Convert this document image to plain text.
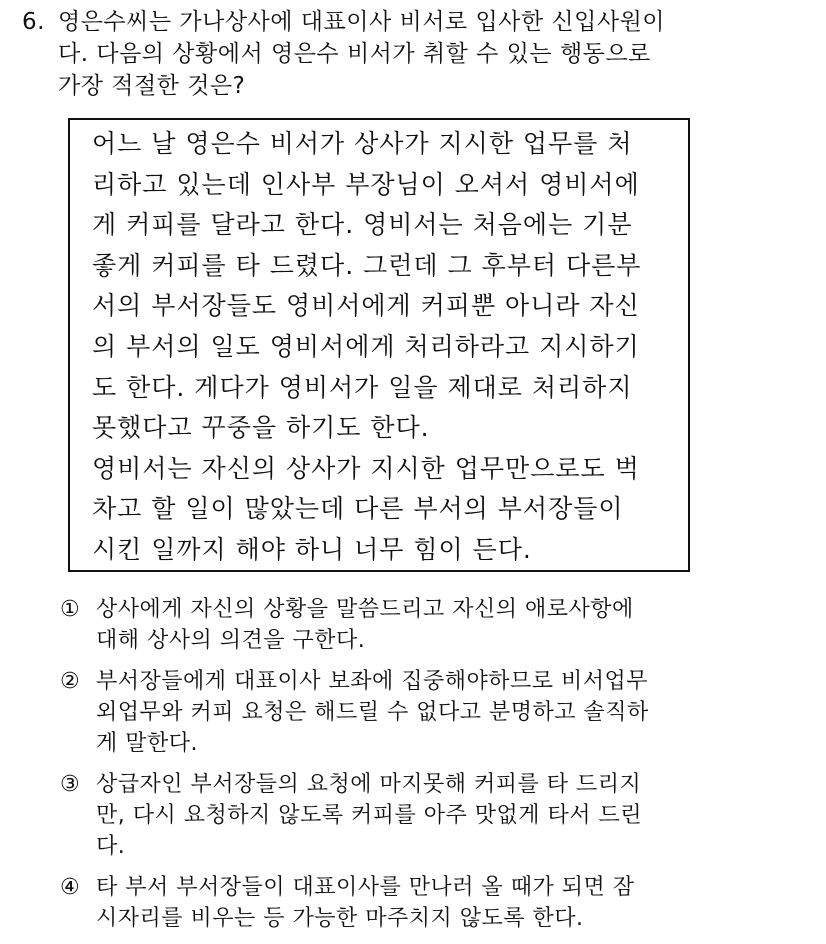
6. 영은수씨는 가나상사에 대표이사 비서로 입사한 신입사원이
다. 다음의 상황에서 영은수 비서가 취할 수 있는 행동으로
가장 적절한 것은?
어느 날 영은수 비서가 상사가 지시한 업무를 처
리하고 있는데 인사부 부장님이 오셔서 영비서에
게 커피를 달라고 한다. 영비서는 처음에는 기분
좋게 커피를 타 드렸다. 그런데 그 후부터 다른부
서의 부서장들도 영비서에게 커피뿐 아니라 자신
의 부서의 일도 영비서에게 처리하라고 지시하기
도 한다. 게다가 영비서가 일을 제대로 처리하지
못했다고 꾸중을 하기도 한다.
영비서는 자신의 상사가 지시한 업무만으로도 벅
차고 할 일이 많았는데 다른 부서의 부서장들이
시킨 일까지 해야 하니 너무 힘이 든다.
① 상사에게 자신의 상황을 말씀드리고 자신의 애로사항에
대해 상사의 의견을 구한다.
② 부서장들에게 대표이사 보좌에 집중해야하므로 비서업무
외업무와 커피 요청은 해드릴 수 없다고 분명하고 솔직하
게 말한다.
③ 상급자인 부서장들의 요청에 마지못해 커피를 타 드리지
만, 다시 요청하지 않도록 커피를 아주 맛없게 타서 드린
다.
④ 타 부서 부서장들이 대표이사를 만나러 올 때가 되면 잠
시자리를 비우는 등 가능한 마주치지 않도록 한다.
